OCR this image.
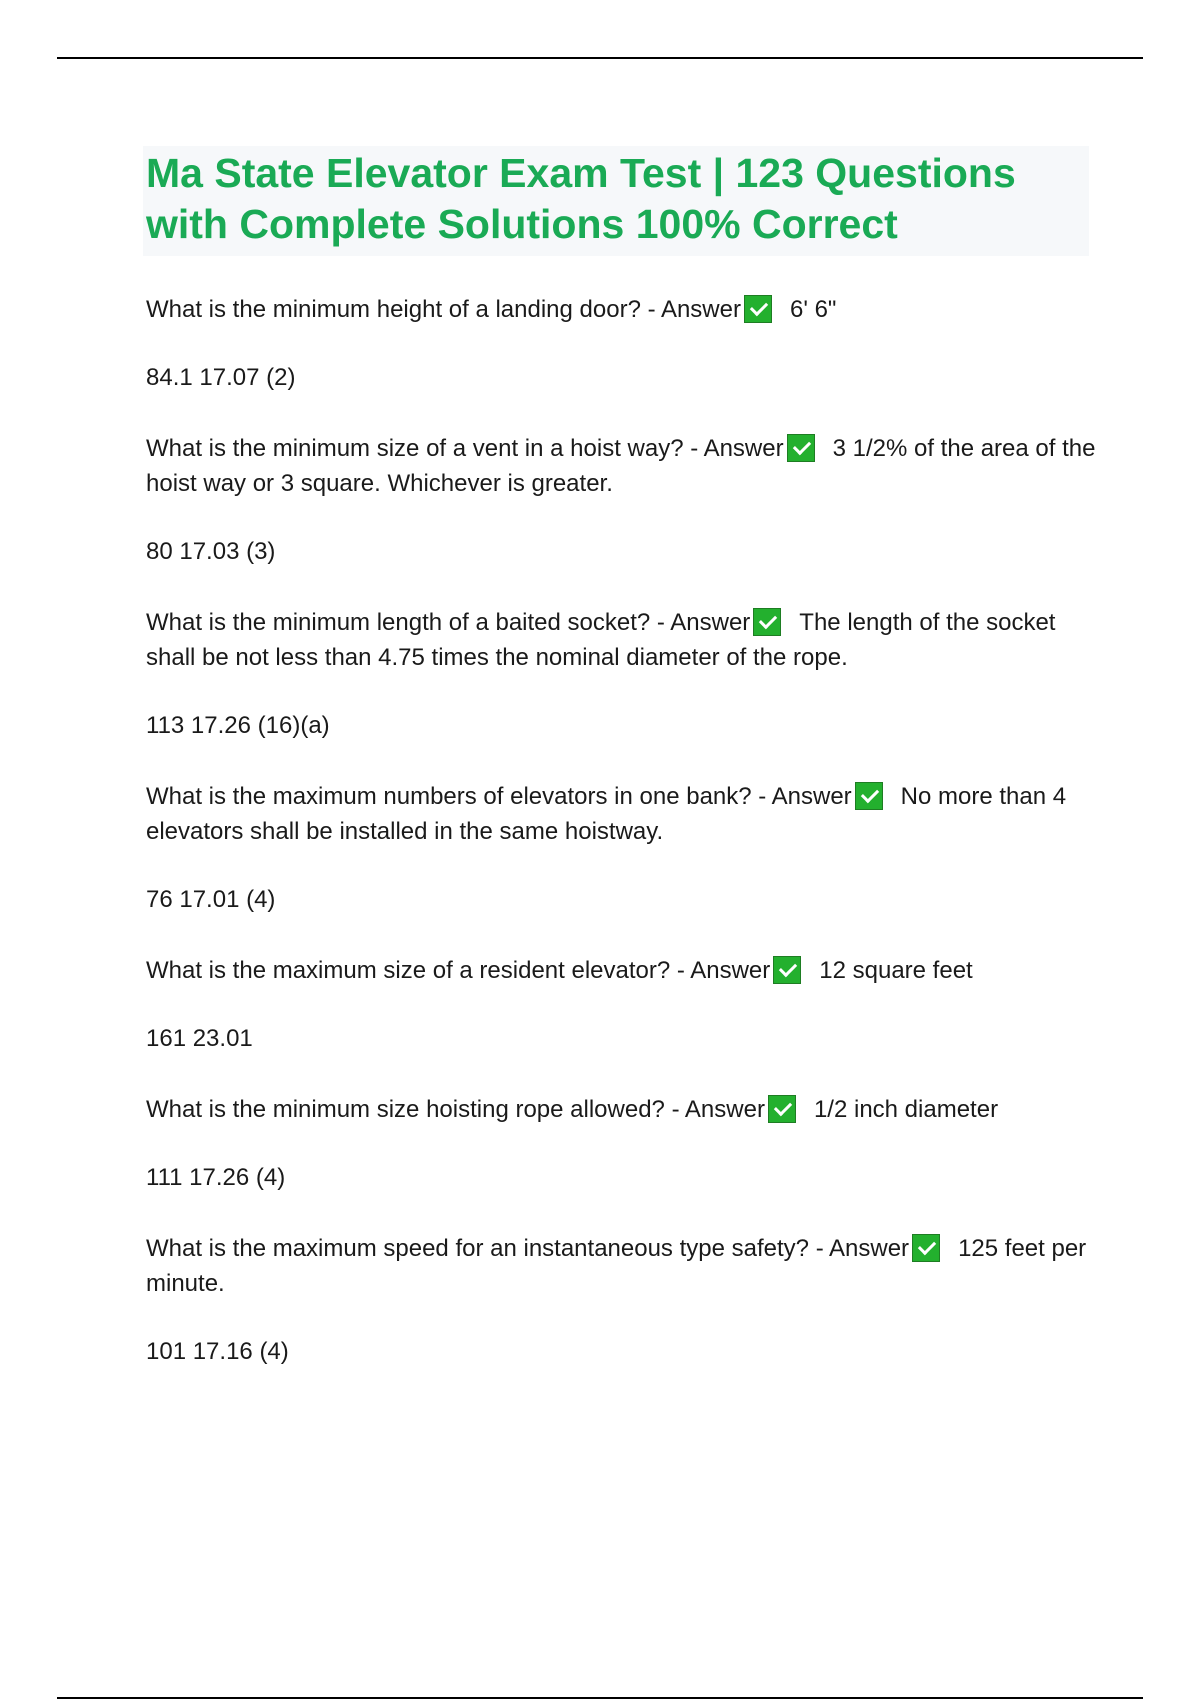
Ma State Elevator Exam Test | 123 Questions with Complete Solutions 100% Correct

What is the minimum height of a landing door? - Answer 6' 6"

84.1 17.07 (2)

What is the minimum size of a vent in a hoist way? - Answer 3 1/2% of the area of the hoist way or 3 square. Whichever is greater.

80 17.03 (3)

What is the minimum length of a baited socket? - Answer The length of the socket shall be not less than 4.75 times the nominal diameter of the rope.

113 17.26 (16)(a)

What is the maximum numbers of elevators in one bank? - Answer No more than 4 elevators shall be installed in the same hoistway.

76 17.01 (4)

What is the maximum size of a resident elevator? - Answer 12 square feet

161 23.01

What is the minimum size hoisting rope allowed? - Answer 1/2 inch diameter

111 17.26 (4)

What is the maximum speed for an instantaneous type safety? - Answer 125 feet per minute.

101 17.16 (4)
